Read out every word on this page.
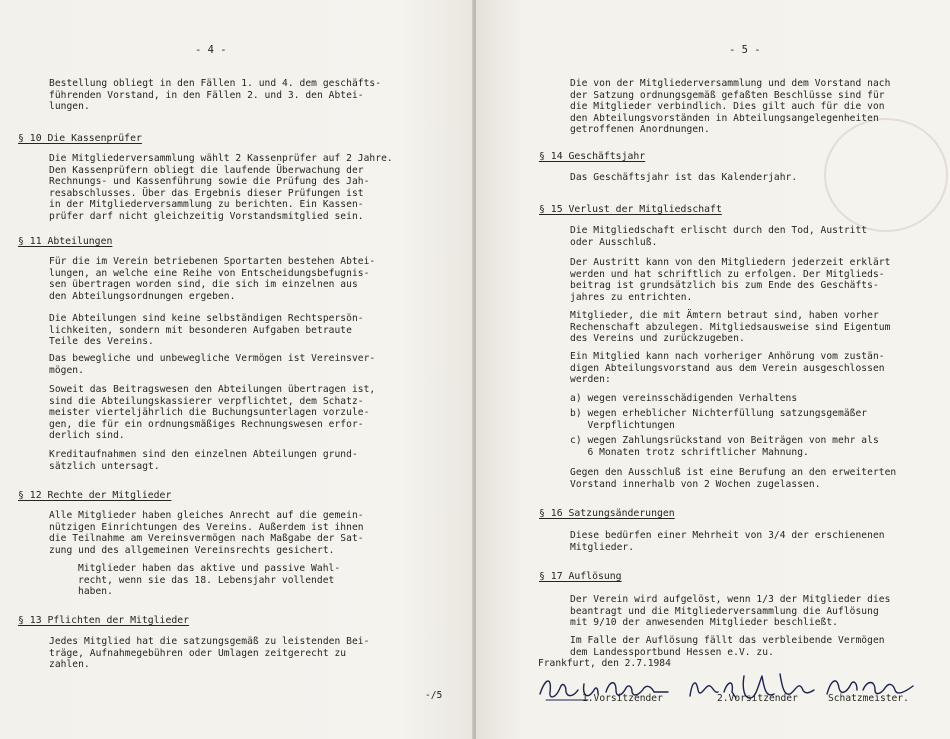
- 4 -
Bestellung obliegt in den Fällen 1. und 4. dem geschäfts-
führenden Vorstand, in den Fällen 2. und 3. den Abtei-
lungen.
§ 10 Die Kassenprüfer
Die Mitgliederversammlung wählt 2 Kassenprüfer auf 2 Jahre.
Den Kassenprüfern obliegt die laufende Überwachung der
Rechnungs- und Kassenführung sowie die Prüfung des Jah-
resabschlusses. Über das Ergebnis dieser Prüfungen ist
in der Mitgliederversammlung zu berichten. Ein Kassen-
prüfer darf nicht gleichzeitig Vorstandsmitglied sein.
§ 11 Abteilungen
Für die im Verein betriebenen Sportarten bestehen Abtei-
lungen, an welche eine Reihe von Entscheidungsbefugnis-
sen übertragen worden sind, die sich im einzelnen aus
den Abteilungsordnungen ergeben.
Die Abteilungen sind keine selbständigen Rechtspersön-
lichkeiten, sondern mit besonderen Aufgaben betraute
Teile des Vereins.
Das bewegliche und unbewegliche Vermögen ist Vereinsver-
mögen.
Soweit das Beitragswesen den Abteilungen übertragen ist,
sind die Abteilungskassierer verpflichtet, dem Schatz-
meister vierteljährlich die Buchungsunterlagen vorzule-
gen, die für ein ordnungsmäßiges Rechnungswesen erfor-
derlich sind.
Kreditaufnahmen sind den einzelnen Abteilungen grund-
sätzlich untersagt.
§ 12 Rechte der Mitglieder
Alle Mitglieder haben gleiches Anrecht auf die gemein-
nützigen Einrichtungen des Vereins. Außerdem ist ihnen
die Teilnahme am Vereinsvermögen nach Maßgabe der Sat-
zung und des allgemeinen Vereinsrechts gesichert.
Mitglieder haben das aktive und passive Wahl-
recht, wenn sie das 18. Lebensjahr vollendet
haben.
§ 13 Pflichten der Mitglieder
Jedes Mitglied hat die satzungsgemäß zu leistenden Bei-
träge, Aufnahmegebühren oder Umlagen zeitgerecht zu
zahlen.
-/5
- 5 -
Die von der Mitgliederversammlung und dem Vorstand nach
der Satzung ordnungsgemäß gefaßten Beschlüsse sind für
die Mitglieder verbindlich. Dies gilt auch für die von
den Abteilungsvorständen in Abteilungsangelegenheiten
getroffenen Anordnungen.
§ 14 Geschäftsjahr
Das Geschäftsjahr ist das Kalenderjahr.
§ 15 Verlust der Mitgliedschaft
Die Mitgliedschaft erlischt durch den Tod, Austritt
oder Ausschluß.
Der Austritt kann von den Mitgliedern jederzeit erklärt
werden und hat schriftlich zu erfolgen. Der Mitglieds-
beitrag ist grundsätzlich bis zum Ende des Geschäfts-
jahres zu entrichten.
Mitglieder, die mit Ämtern betraut sind, haben vorher
Rechenschaft abzulegen. Mitgliedsausweise sind Eigentum
des Vereins und zurückzugeben.
Ein Mitglied kann nach vorheriger Anhörung vom zustän-
digen Abteilungsvorstand aus dem Verein ausgeschlossen
werden:
a) wegen vereinsschädigenden Verhaltens
b) wegen erheblicher Nichterfüllung satzungsgemäßer
Verpflichtungen
c) wegen Zahlungsrückstand von Beiträgen von mehr als
6 Monaten trotz schriftlicher Mahnung.
Gegen den Ausschluß ist eine Berufung an den erweiterten
Vorstand innerhalb von 2 Wochen zugelassen.
§ 16 Satzungsänderungen
Diese bedürfen einer Mehrheit von 3/4 der erschienenen
Mitglieder.
§ 17 Auflösung
Der Verein wird aufgelöst, wenn 1/3 der Mitglieder dies
beantragt und die Mitgliederversammlung die Auflösung
mit 9/10 der anwesenden Mitglieder beschließt.
Im Falle der Auflösung fällt das verbleibende Vermögen
dem Landessportbund Hessen e.V. zu.
Frankfurt, den 2.7.1984
1.Vorsitzender	2.Vorsitzender	Schatzmeister.
